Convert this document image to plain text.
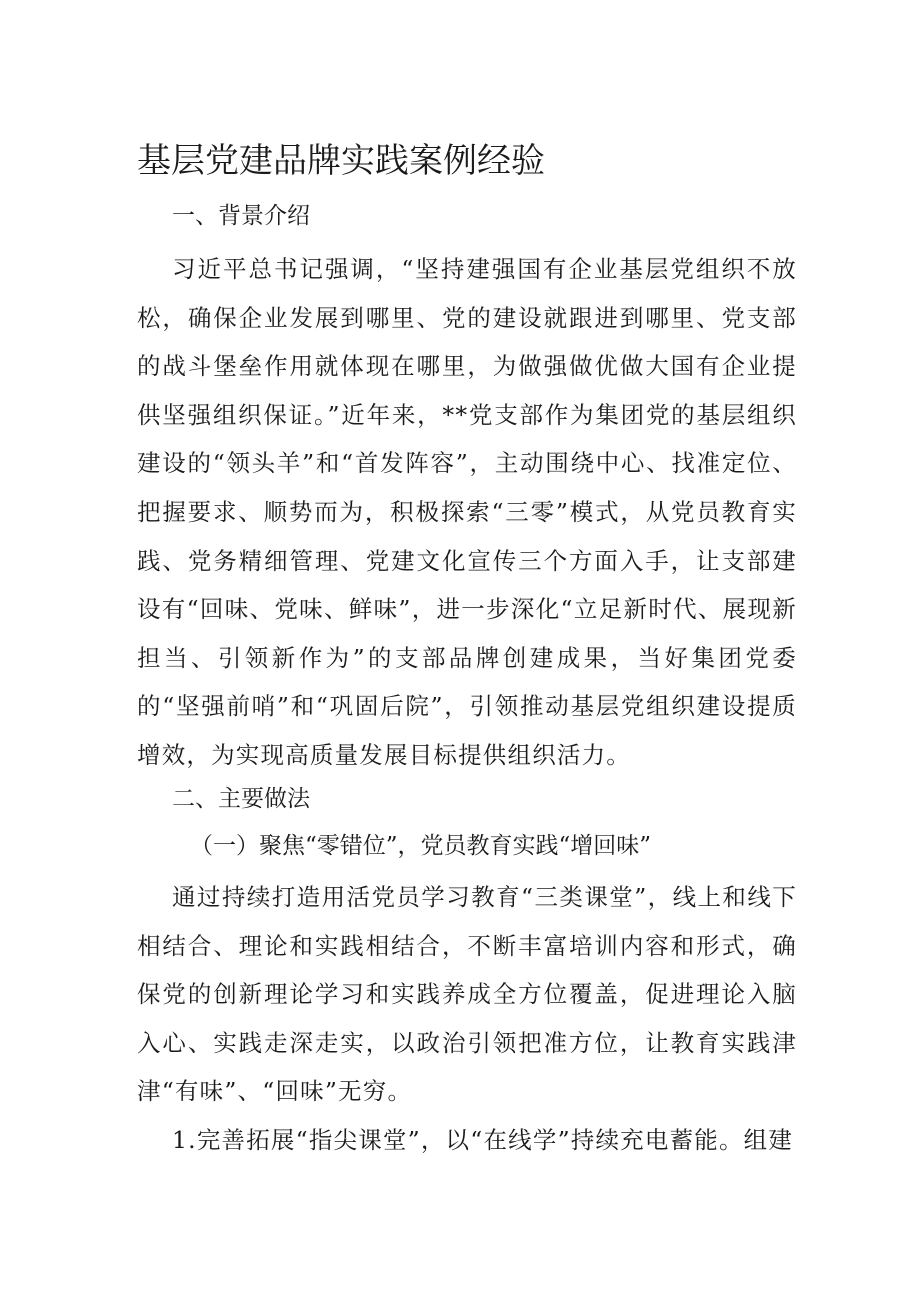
基层党建品牌实践案例经验
一、背景介绍

习近平总书记强调，“坚持建强国有企业基层党组织不放松，确保企业发展到哪里、党的建设就跟进到哪里、党支部的战斗堡垒作用就体现在哪里，为做强做优做大国有企业提供坚强组织保证。”近年来，**党支部作为集团党的基层组织建设的“领头羊”和“首发阵容”，主动围绕中心、找准定位、把握要求、顺势而为，积极探索“三零”模式，从党员教育实践、党务精细管理、党建文化宣传三个方面入手，让支部建设有“回味、党味、鲜味”，进一步深化“立足新时代、展现新担当、引领新作为”的支部品牌创建成果，当好集团党委的“坚强前哨”和“巩固后院”，引领推动基层党组织建设提质增效，为实现高质量发展目标提供组织活力。

二、主要做法
（一）聚焦“零错位”，党员教育实践“增回味”

通过持续打造用活党员学习教育“三类课堂”，线上和线下相结合、理论和实践相结合，不断丰富培训内容和形式，确保党的创新理论学习和实践养成全方位覆盖，促进理论入脑入心、实践走深走实，以政治引领把准方位，让教育实践津津“有味”、“回味”无穷。

1.完善拓展“指尖课堂”，以“在线学”持续充电蓄能。组建
